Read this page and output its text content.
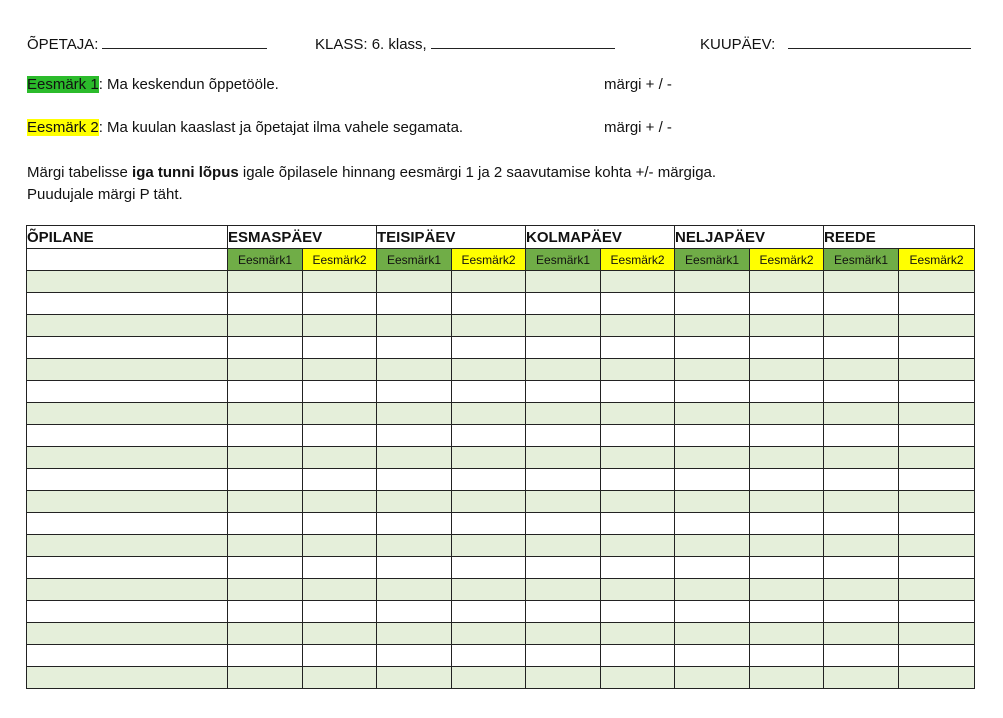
ÕPETAJA:	KLASS: 6. klass,	KUUPÄEV:
Eesmärk 1: Ma keskendun õppetööle.	märgi + / -
Eesmärk 2: Ma kuulan kaaslast ja õpetajat ilma vahele segamata.	märgi + / -
Märgi tabelisse iga tunni lõpus igale õpilasele hinnang eesmärgi 1 ja 2 saavutamise kohta +/- märgiga.
Puudujale märgi P täht.
ÕPILANE	ESMASPÄEV		TEISIPÄEV		KOLMAPÄEV		NELJAPÄEV		REEDE	
	Eesmärk1	Eesmärk2	Eesmärk1	Eesmärk2	Eesmärk1	Eesmärk2	Eesmärk1	Eesmärk2	Eesmärk1	Eesmärk2
